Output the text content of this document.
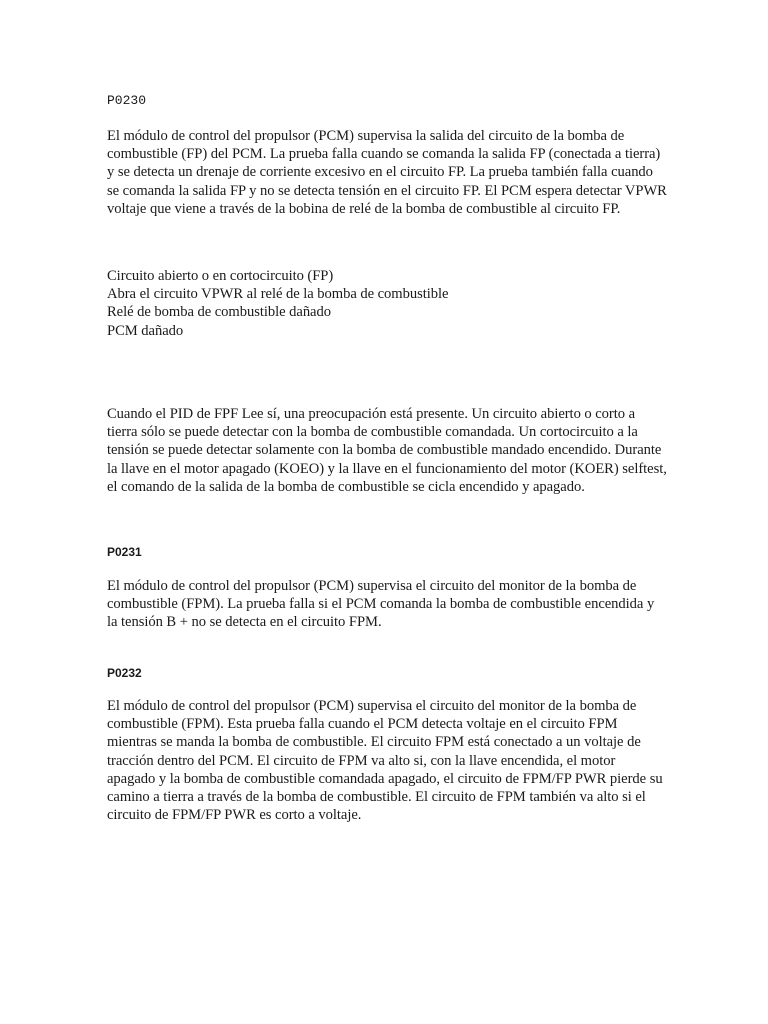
P0230

El módulo de control del propulsor (PCM) supervisa la salida del circuito de la bomba de combustible (FP) del PCM. La prueba falla cuando se comanda la salida FP (conectada a tierra) y se detecta un drenaje de corriente excesivo en el circuito FP. La prueba también falla cuando se comanda la salida FP y no se detecta tensión en el circuito FP. El PCM espera detectar VPWR voltaje que viene a través de la bobina de relé de la bomba de combustible al circuito FP.

Circuito abierto o en cortocircuito (FP)
Abra el circuito VPWR al relé de la bomba de combustible
Relé de bomba de combustible dañado
PCM dañado

Cuando el PID de FPF Lee sí, una preocupación está presente. Un circuito abierto o corto a tierra sólo se puede detectar con la bomba de combustible comandada. Un cortocircuito a la tensión se puede detectar solamente con la bomba de combustible mandado encendido. Durante la llave en el motor apagado (KOEO) y la llave en el funcionamiento del motor (KOER) selftest, el comando de la salida de la bomba de combustible se cicla encendido y apagado.

P0231

El módulo de control del propulsor (PCM) supervisa el circuito del monitor de la bomba de combustible (FPM). La prueba falla si el PCM comanda la bomba de combustible encendida y la tensión B + no se detecta en el circuito FPM.

P0232

El módulo de control del propulsor (PCM) supervisa el circuito del monitor de la bomba de combustible (FPM). Esta prueba falla cuando el PCM detecta voltaje en el circuito FPM mientras se manda la bomba de combustible. El circuito FPM está conectado a un voltaje de tracción dentro del PCM. El circuito de FPM va alto si, con la llave encendida, el motor apagado y la bomba de combustible comandada apagado, el circuito de FPM/FP PWR pierde su camino a tierra a través de la bomba de combustible. El circuito de FPM también va alto si el circuito de FPM/FP PWR es corto a voltaje.
